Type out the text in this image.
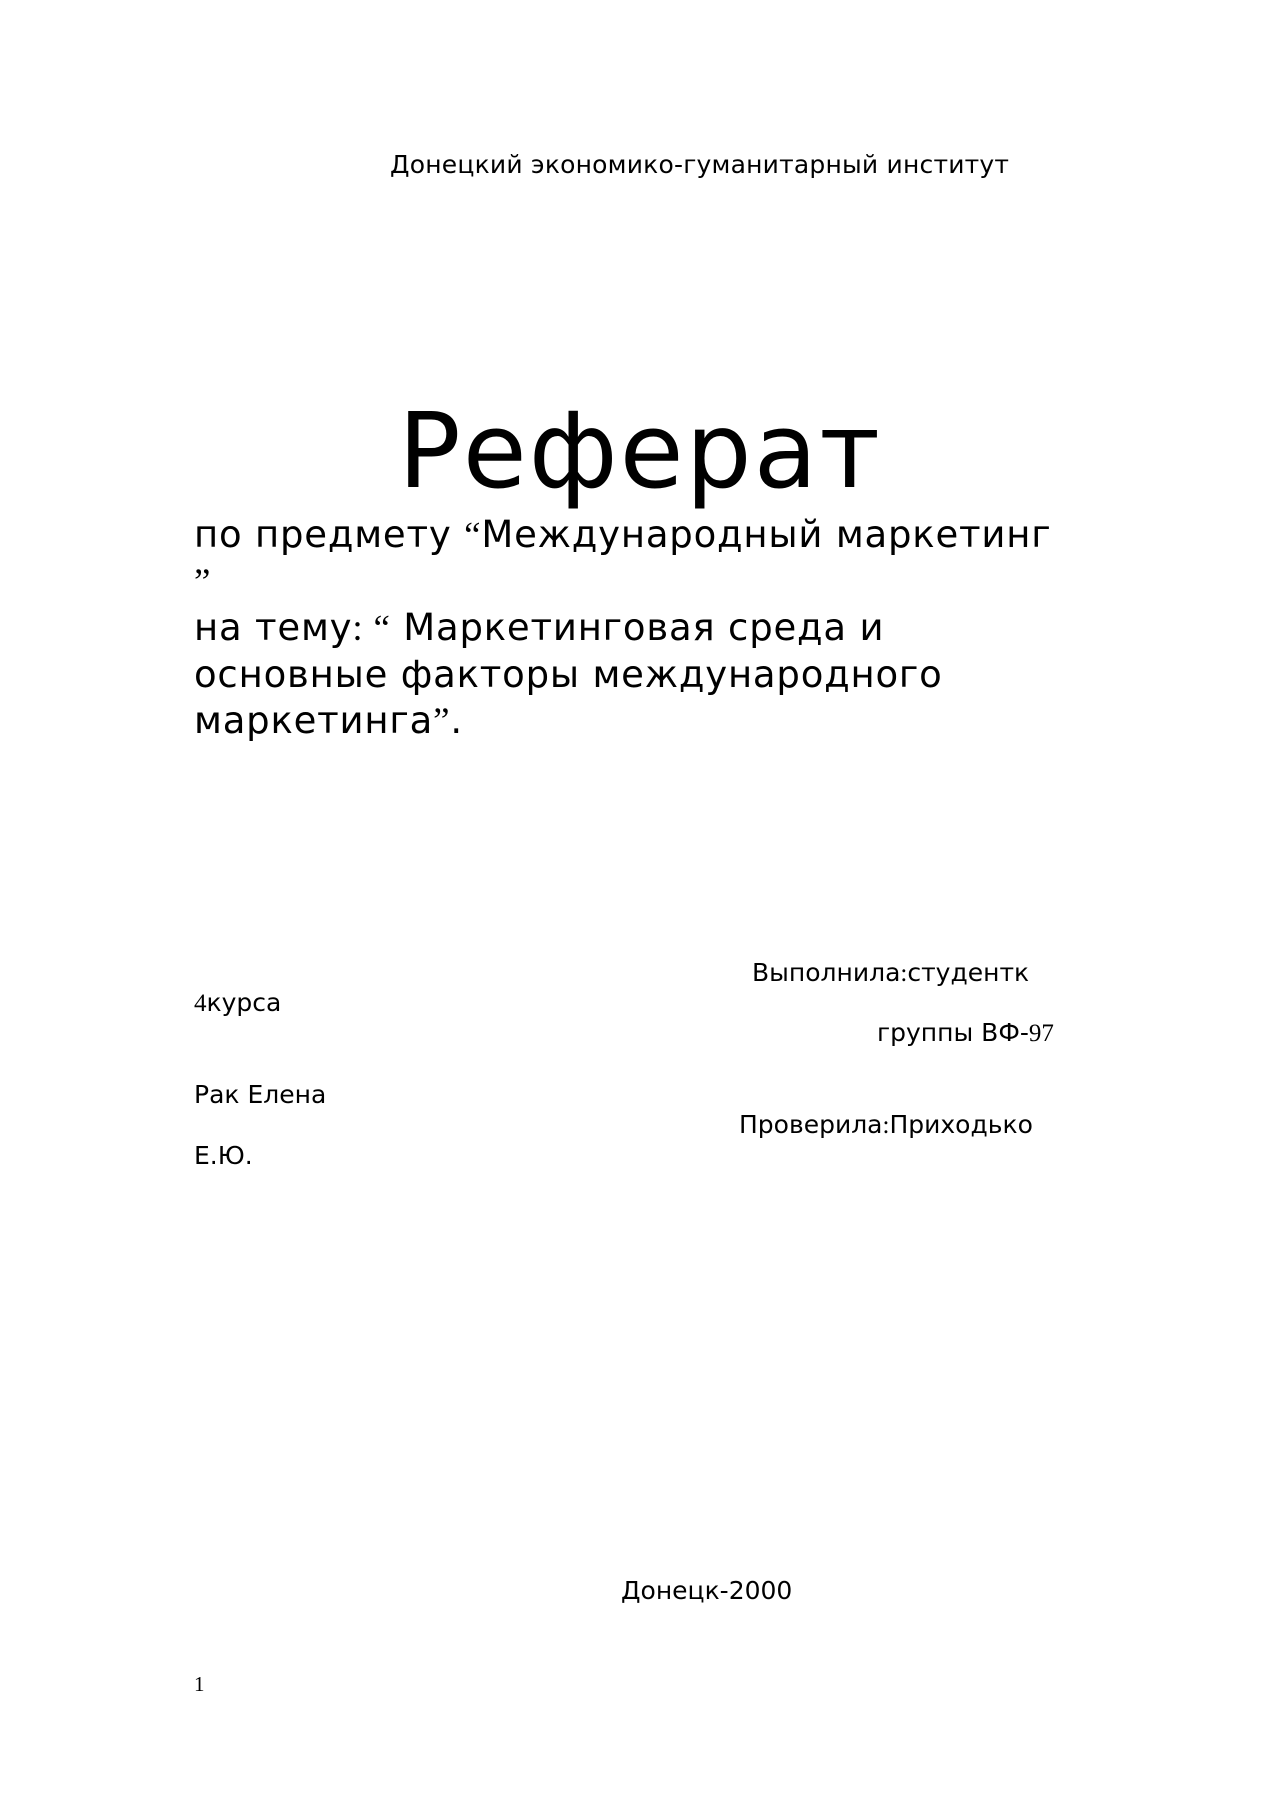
Донецкий экономико-гуманитарный институт
Реферат

по предмету “Международный маркетинг

”

на тему: “ Маркетинговая среда и

основные факторы международного

маркетинга”.

Выполнила:студентк
4курса
группы ВФ-97
Рак Елена
Проверила:Приходько
Е.Ю.
Донецк-2000
1
